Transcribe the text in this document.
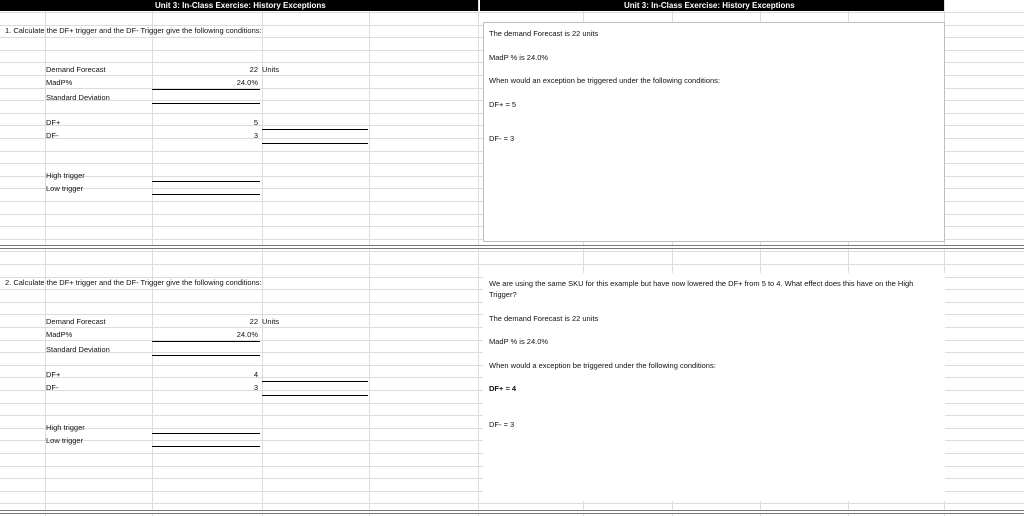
Unit 3: In-Class Exercise: History Exceptions	Unit 3: In-Class Exercise: History Exceptions
1. Calculate the DF+ trigger and the DF- Trigger give the following conditions:
Demand Forecast	22 Units
MadP%	24.0%
Standard Deviation
DF+	5
DF-	3
High trigger
Low trigger
The demand Forecast is 22 units
MadP % is 24.0%
When would an exception be triggered under the following conditions:
DF+ = 5
DF- = 3
2. Calculate the DF+ trigger and the DF- Trigger give the following conditions:
Demand Forecast	22 Units
MadP%	24.0%
Standard Deviation
DF+	4
DF-	3
High trigger
Low trigger
We are using the same SKU for this example but have now lowered the DF+ from 5 to 4. What effect does this have on the High Trigger?
The demand Forecast is 22 units
MadP % is 24.0%
When would a exception be triggered under the following conditions:
DF+ = 4
DF- = 3
